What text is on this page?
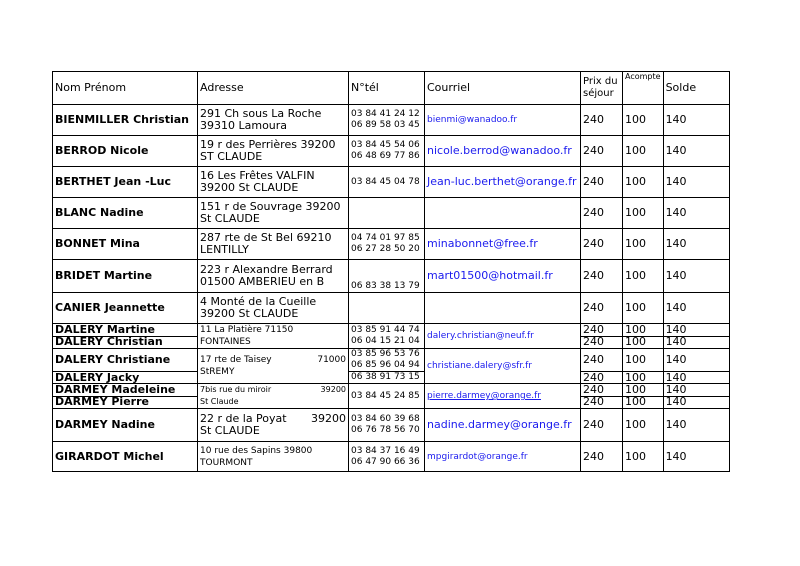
Nom Prénom	Adresse	N°tél	Courriel	Prix du séjour	Acompte	Solde
BIENMILLER Christian	291 Ch sous La Roche
39310 Lamoura	03 84 41 24 12
06 89 58 03 45	bienmi@wanadoo.fr	240	100	140
BERROD Nicole	19 r des Perrières 39200
ST CLAUDE	03 84 45 54 06
06 48 69 77 86	nicole.berrod@wanadoo.fr	240	100	140
BERTHET Jean -Luc	16 Les Frêtes VALFIN
39200 St CLAUDE	03 84 45 04 78	Jean-luc.berthet@orange.fr	240	100	140
BLANC Nadine	151 r de Souvrage 39200
St CLAUDE			240	100	140
BONNET Mina	287 rte de St Bel 69210
LENTILLY	04 74 01 97 85
06 27 28 50 20	minabonnet@free.fr	240	100	140
BRIDET Martine	223 r Alexandre Berrard
01500 AMBERIEU en B	06 83 38 13 79	mart01500@hotmail.fr	240	100	140
CANIER Jeannette	4 Monté de la Cueille
39200 St CLAUDE			240	100	140
DALERY Martine	11 La Platière 71150
FONTAINES	03 85 91 44 74
06 04 15 21 04	dalery.christian@neuf.fr	240	100	140
DALERY Christian				240	100	140
DALERY Christiane	17 rte de Taisey 71000
StREMY	03 85 96 53 76
06 85 96 04 94	christiane.dalery@sfr.fr	240	100	140
DALERY Jacky		06 38 91 73 15		240	100	140
DARMEY Madeleine	7bis rue du miroir 39200
St Claude	03 84 45 24 85	pierre.darmey@orange.fr	240	100	140
DARMEY Pierre				240	100	140
DARMEY Nadine	22 r de la Poyat 39200
St CLAUDE	03 84 60 39 68
06 76 78 56 70	nadine.darmey@orange.fr	240	100	140
GIRARDOT Michel	10 rue des Sapins 39800
TOURMONT	03 84 37 16 49
06 47 90 66 36	mpgirardot@orange.fr	240	100	140
